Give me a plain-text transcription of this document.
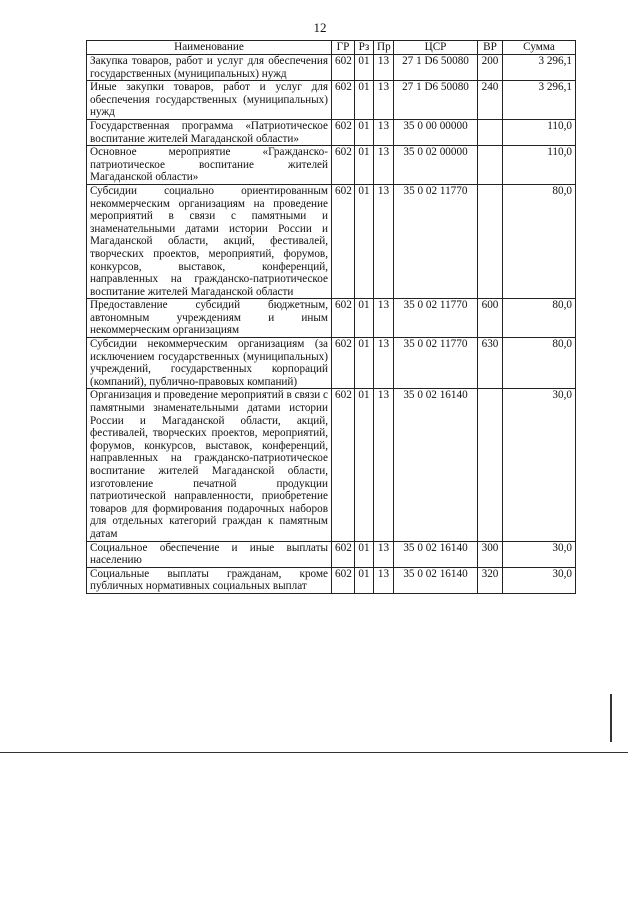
12
Наименование	ГР	Рз	Пр	ЦСР	ВР	Сумма
Закупка товаров, работ и услуг для обеспечения государственных (муниципальных) нужд	602	01	13	27 1 D6 50080	200	3 296,1
Иные закупки товаров, работ и услуг для обеспечения государственных (муниципальных) нужд	602	01	13	27 1 D6 50080	240	3 296,1
Государственная программа «Патриотическое воспитание жителей Магаданской области»	602	01	13	35 0 00 00000		110,0
Основное мероприятие «Гражданско-патриотическое воспитание жителей Магаданской области»	602	01	13	35 0 02 00000		110,0
Субсидии социально ориентированным некоммерческим организациям на проведение мероприятий в связи с памятными и знаменательными датами истории России и Магаданской области, акций, фестивалей, творческих проектов, мероприятий, форумов, конкурсов, выставок, конференций, направленных на гражданско-патриотическое воспитание жителей Магаданской области	602	01	13	35 0 02 11770		80,0
Предоставление субсидий бюджетным, автономным учреждениям и иным некоммерческим организациям	602	01	13	35 0 02 11770	600	80,0
Субсидии некоммерческим организациям (за исключением государственных (муниципальных) учреждений, государственных корпораций (компаний), публично-правовых компаний)	602	01	13	35 0 02 11770	630	80,0
Организация и проведение мероприятий в связи с памятными знаменательными датами истории России и Магаданской области, акций, фестивалей, творческих проектов, мероприятий, форумов, конкурсов, выставок, конференций, направленных на гражданско-патриотическое воспитание жителей Магаданской области, изготовление печатной продукции патриотической направленности, приобретение товаров для формирования подарочных наборов для отдельных категорий граждан к памятным датам	602	01	13	35 0 02 16140		30,0
Социальное обеспечение и иные выплаты населению	602	01	13	35 0 02 16140	300	30,0
Социальные выплаты гражданам, кроме публичных нормативных социальных выплат	602	01	13	35 0 02 16140	320	30,0
